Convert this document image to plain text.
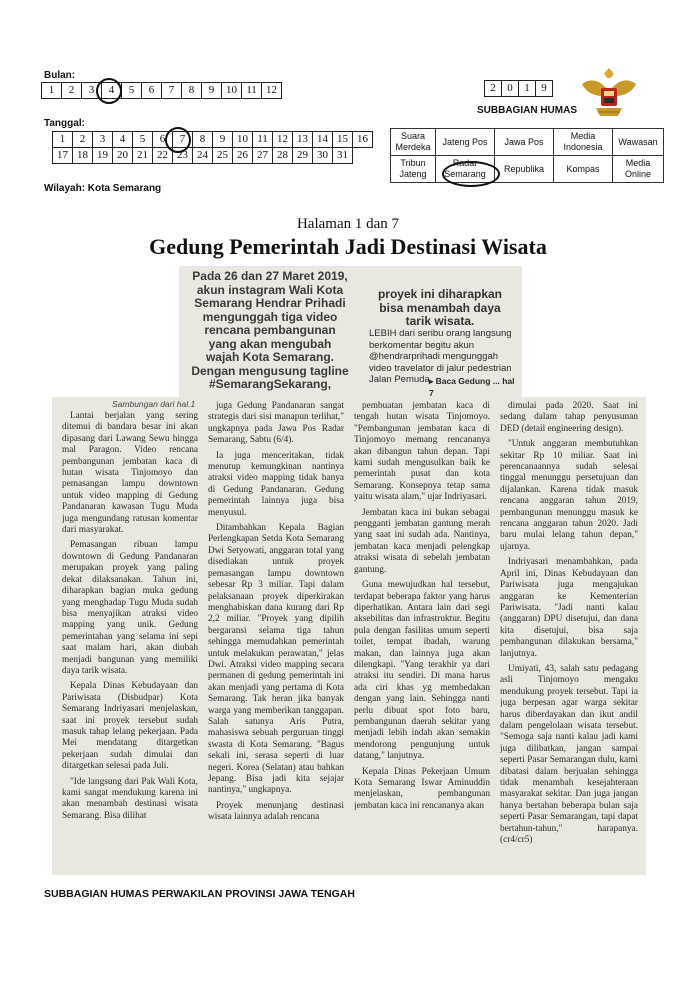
Bulan:
1	2	3	4	5	6	7	8	9	10	11	12
Tanggal:
1	2	3	4	5	6	7	8	9	10	11	12	13	14	15	16
17	18	19	20	21	22	23	24	25	26	27	28	29	30	31	
Wilayah: Kota Semarang
2	0	1	9
SUBBAGIAN HUMAS
Suara Merdeka	Jateng Pos	Jawa Pos	Media Indonesia	Wawasan
Tribun Jateng	Radar Semarang	Republika	Kompas	Media Online
Halaman 1 dan 7
Gedung Pemerintah Jadi Destinasi Wisata
Pada 26 dan 27 Maret 2019, akun instagram Wali Kota Semarang Hendrar Prihadi mengunggah tiga video rencana pembangunan yang akan mengubah wajah Kota Semarang. Dengan mengusung tagline #SemarangSekarang,
proyek ini diharapkan bisa menambah daya tarik wisata.
LEBIH dari seribu orang langsung berkomentar begitu akun @hendrarprihadi mengunggah video travelator di jalur pedestrian Jalan Pemuda.
▸ Baca Gedung ... hal 7
Sambungan dari hal.1

Lantai berjalan yang sering ditemui di bandara besar ini akan dipasang dari Lawang Sewu hingga mal Paragon. Video rencana pembangunan jembatan kaca di hutan wisata Tinjomoyo dan pemasangan lampu downtown untuk video mapping di Gedung Pandanaran kawasan Tugu Muda juga mengundang ratusan komentar dari masyarakat.

Pemasangan ribuan lampu downtown di Gedung Pandanaran merupakan proyek yang paling dekat dilaksanakan. Tahun ini, diharapkan bagian muka gedung yang menghadap Tugu Muda sudah bisa menyajikan atraksi video mapping yang unik. Gedung pemerintahan yang selama ini sepi saat malam hari, akan diubah menjadi bangunan yang memiliki daya tarik wisata.

Kepala Dinas Kebudayaan dan Pariwisata (Disbudpar) Kota Semarang Indriyasari menjelaskan, saat ini proyek tersebut sudah masuk tahap lelang pekerjaan. Pada Mei mendatang ditargetkan pekerjaan sudah dimulai dan ditargetkan selesai pada Juli.

"Ide langsung dari Pak Wali Kota, kami sangat mendukung karena ini akan menambah destinasi wisata Semarang. Bisa dilihat

juga Gedung Pandanaran sangat strategis dari sisi manapun terlihat," ungkapnya pada Jawa Pos Radar Semarang, Sabtu (6/4).

Ia juga menceritakan, tidak menutup kemungkinan nantinya atraksi video mapping tidak hanya di Gedung Pandanaran. Gedung pemerintah lainnya juga bisa menyusul.

Ditambahkan Kepala Bagian Perlengkapan Setda Kota Semarang Dwi Setyowati, anggaran total yang disediakan untuk proyek pemasangan lampu downtown sebesar Rp 3 miliar. Tapi dalam pelaksanaan proyek diperkirakan menghabiskan dana kurang dari Rp 2,2 miliar. "Proyek yang dipilih bergaransi selama tiga tahun sehingga memudahkan pemerintah untuk melakukan perawatan," jelas Dwi. Atraksi video mapping secara permanen di gedung pemerintah ini akan menjadi yang pertama di Kota Semarang. Tak heran jika banyak warga yang memberikan tanggapan. Salah satunya Aris Putra, mahasiswa sebuah perguruan tinggi swasta di Kota Semarang. "Bagus sekali ini, serasa seperti di luar negeri. Korea (Selatan) atau bahkan Jepang. Bisa jadi kita sejajar nantinya," ungkapnya.

Proyek menunjang destinasi wisata lainnya adalah rencana

pembuatan jembatan kaca di tengah hutan wisata Tinjomoyo. "Pembangunan jembatan kaca di Tinjomoyo memang rencananya akan dibangun tahun depan. Tapi kami sudah mengusulkan baik ke pemerintah pusat dan kota Semarang. Konsepnya tetap sama yaitu wisata alam," ujar Indriyasari.

Jembatan kaca ini bukan sebagai pengganti jembatan gantung merah yang saat ini sudah ada. Nantinya, jembatan kaca menjadi pelengkap atraksi wisata di sebelah jembatan gantung.

Guna mewujudkan hal tersebut, terdapat beberapa faktor yang harus diperhatikan. Antara lain dari segi aksebilitas dan infrastruktur. Begitu pula dengan fasilitas umum seperti toilet, tempat ibadah, warung makan, dan lainnya juga akan dilengkapi. "Yang terakhir ya dari atraksi itu sendiri. Di mana harus ada ciri khas yg membedakan dengan yang lain. Sehingga nanti perlu dibuat spot foto baru, pembangunan daerah sekitar yang menjadi lebih indah akan semakin mendorong pengunjung untuk datang," lanjutnya.

Kepala Dinas Pekerjaan Umum Kota Semarang Iswar Aminuddin menjelaskan, pembangunan jembatan kaca ini rencananya akan

dimulai pada 2020. Saat ini sedang dalam tahap penyusunan DED (detail engineering design).

"Untuk anggaran membutuhkan sekitar Rp 10 miliar. Saat ini perencanaannya sudah selesai tinggal menunggu persetujuan dan dijalankan. Karena tidak masuk rencana anggaran tahun 2019, pembangunan menunggu masuk ke rencana anggaran tahun 2020. Jadi baru mulai lelang tahun depan," ujarnya.

Indriyasari menambahkan, pada April ini, Dinas Kebudayaan dan Pariwisata juga mengajukan anggaran ke Kementerian Pariwisata. "Jadi nanti kalau (anggaran) DPU disetujui, dan dana kita disetujui, bisa saja pembangunan dilakukan bersama," lanjutnya.

Umiyati, 43, salah satu pedagang asli Tinjomoyo mengaku mendukung proyek tersebut. Tapi ia juga berpesan agar warga sekitar harus diberdayakan dan ikut andil dalam pengelolaan wisata tersebut. "Semoga saja nanti kalau jadi kami juga dilibatkan, jangan sampai seperti Pasar Semarangan dulu, kami dibatasi dalam berjualan sehingga tidak menambah kesejahteraan masyarakat sekitar. Dan juga jangan hanya bertahan beberapa bulan saja seperti Pasar Semarangan, tapi dapat bertahun-tahun," harapanya. (cr4/cr5)

SUBBAGIAN HUMAS PERWAKILAN PROVINSI JAWA TENGAH
